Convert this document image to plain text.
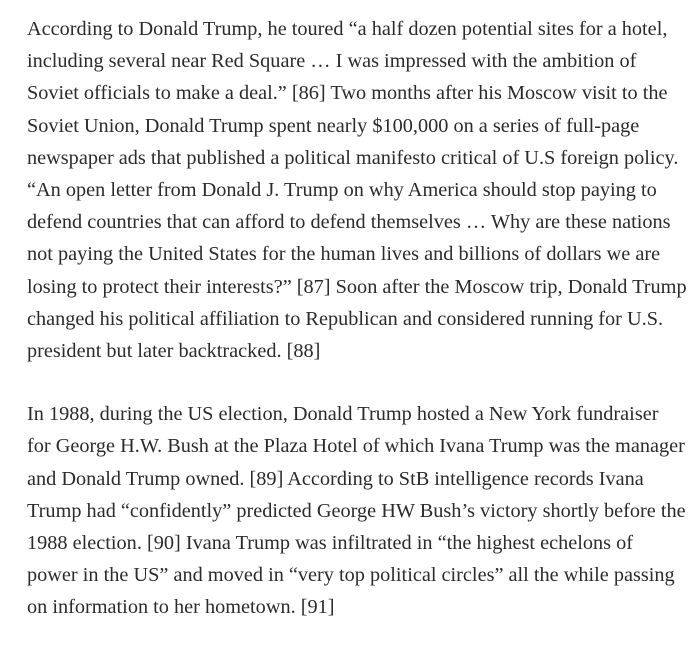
According to Donald Trump, he toured “a half dozen potential sites for a hotel, including several near Red Square … I was impressed with the ambition of Soviet officials to make a deal.” [86] Two months after his Moscow visit to the Soviet Union, Donald Trump spent nearly $100,000 on a series of full-page newspaper ads that published a political manifesto critical of U.S foreign policy. “An open letter from Donald J. Trump on why America should stop paying to defend countries that can afford to defend themselves … Why are these nations not paying the United States for the human lives and billions of dollars we are losing to protect their interests?” [87] Soon after the Moscow trip, Donald Trump changed his political affiliation to Republican and considered running for U.S. president but later backtracked. [88]

In 1988, during the US election, Donald Trump hosted a New York fundraiser for George H.W. Bush at the Plaza Hotel of which Ivana Trump was the manager and Donald Trump owned. [89] According to StB intelligence records Ivana Trump had “confidently” predicted George HW Bush’s victory shortly before the 1988 election. [90] Ivana Trump was infiltrated in “the highest echelons of power in the US” and moved in “very top political circles” all the while passing on information to her hometown. [91]
